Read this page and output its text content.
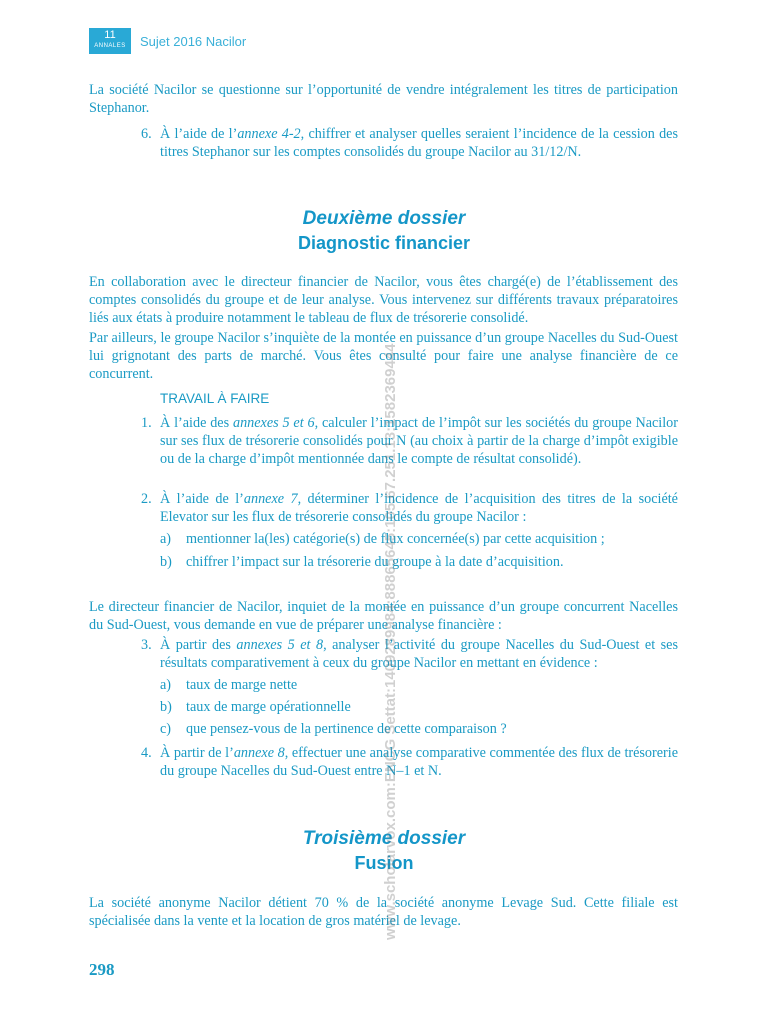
11
ANNALES	Sujet 2016 Nacilor

La société Nacilor se questionne sur l’opportunité de vendre intégralement les titres de participation Stephanor.

6. À l’aide de l’annexe 4-2, chiffrer et analyser quelles seraient l’incidence de la cession des titres Stephanor sur les comptes consolidés du groupe Nacilor au 31/12/N.

Deuxième dossier
Diagnostic financier

En collaboration avec le directeur financier de Nacilor, vous êtes chargé(e) de l’établissement des comptes consolidés du groupe et de leur analyse. Vous intervenez sur différents travaux préparatoires liés aux états à produire notamment le tableau de flux de trésorerie consolidé.

Par ailleurs, le groupe Nacilor s’inquiète de la montée en puissance d’un groupe Nacelles du Sud-Ouest lui grignotant des parts de marché. Vous êtes consulté pour faire une analyse financière de ce concurrent.

TRAVAIL À FAIRE

1. À l’aide des annexes 5 et 6, calculer l’impact de l’impôt sur les sociétés du groupe Nacilor sur ses flux de trésorerie consolidés pour N (au choix à partir de la charge d’impôt exigible ou de la charge d’impôt mentionnée dans le compte de résultat consolidé).

2. À l’aide de l’annexe 7, déterminer l’incidence de l’acquisition des titres de la société Elevator sur les flux de trésorerie consolidés du groupe Nacilor :

a) mentionner la(les) catégorie(s) de flux concernée(s) par cette acquisition ;

b) chiffrer l’impact sur la trésorerie du groupe à la date d’acquisition.

Le directeur financier de Nacilor, inquiet de la montée en puissance d’un groupe concurrent Nacelles du Sud-Ouest, vous demande en vue de préparer une analyse financière :

3. À partir des annexes 5 et 8, analyser l’activité du groupe Nacelles du Sud-Ouest et ses résultats comparativement à ceux du groupe Nacilor en mettant en évidence :

a) taux de marge nette

b) taux de marge opérationnelle

c) que pensez-vous de la pertinence de cette comparaison ?

4. À partir de l’annexe 8, effectuer une analyse comparative commentée des flux de trésorerie du groupe Nacelles du Sud-Ouest entre N–1 et N.

Troisième dossier
Fusion

La société anonyme Nacilor détient 70 % de la société anonyme Levage Sud. Cette filiale est spécialisée dans la vente et la location de gros matériel de levage.

298
www.scholarvox.com:ENCG Settat:1409289984:88865645:105.67.251.13:1582369444
